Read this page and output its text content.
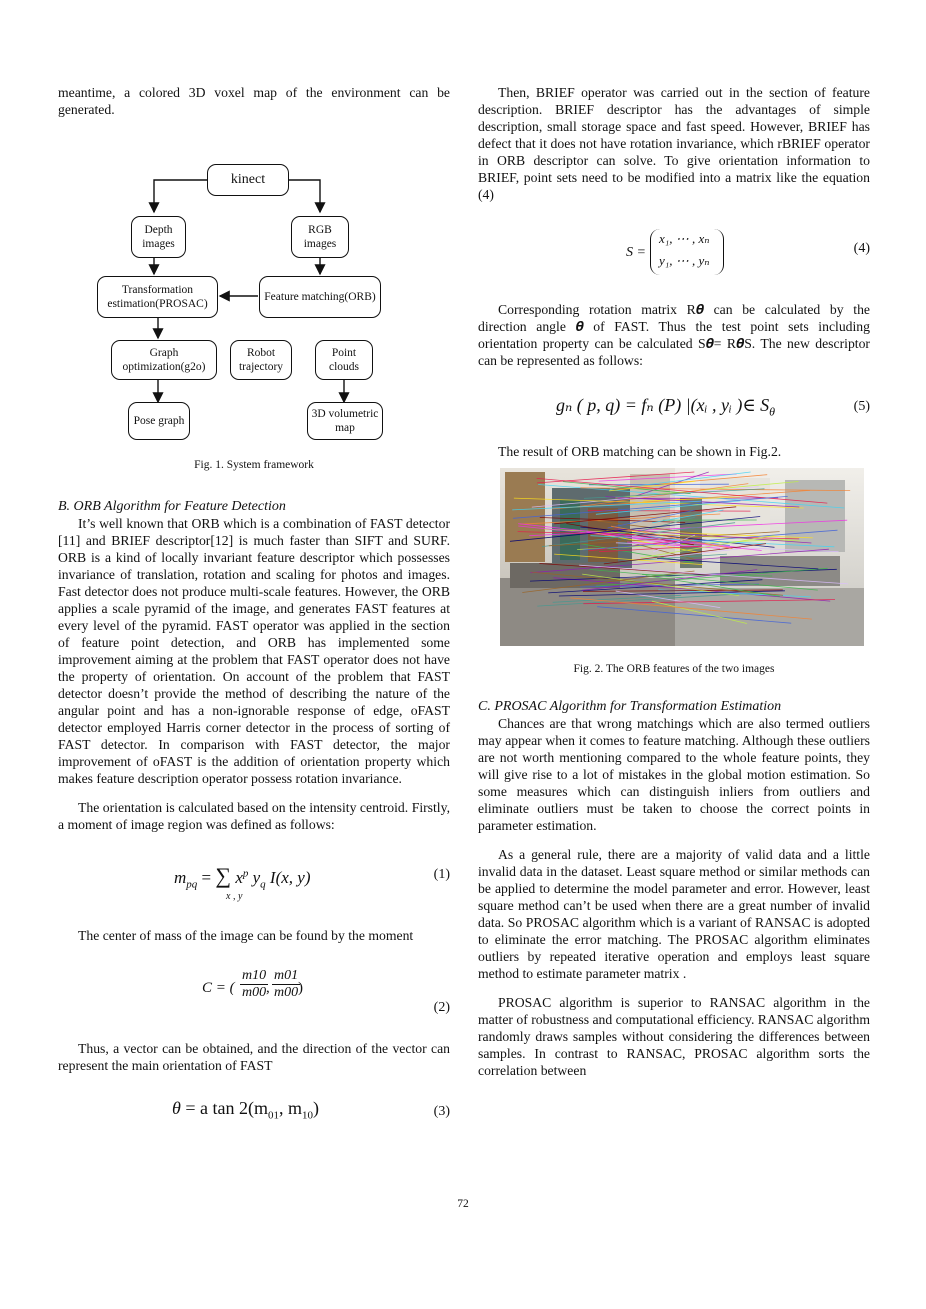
meantime, a colored 3D voxel map of the environment can be generated.

kinect
Depth
images
RGB
images
Transformation
estimation(PROSAC)
Feature matching(ORB)
Graph
optimization(g2o)
Robot
trajectory
Point
clouds
Pose graph
3D volumetric
map
Fig. 1. System framework
B. ORB Algorithm for Feature Detection

It’s well known that ORB which is a combination of FAST detector [11] and BRIEF descriptor[12] is much faster than SIFT and SURF. ORB is a kind of locally invariant feature descriptor which possesses invariance of translation, rotation and scaling for photos and images. Fast detector does not produce multi-scale features. However, the ORB applies a scale pyramid of the image, and generates FAST features at every level of the pyramid. FAST operator was applied in the section of feature point detection, and ORB has implemented some improvement aiming at the problem that FAST operator does not have the property of orientation. On account of the problem that FAST detector doesn’t provide the method of describing the nature of the angular point and has a non-ignorable response of edge, oFAST detector employed Harris corner detector in the process of sorting of FAST detector. In comparison with FAST detector, the major improvement of oFAST is the addition of orientation property which makes feature description operator possess rotation invariance.

The orientation is calculated based on the intensity centroid. Firstly, a moment of image region was defined as follows:

$m_{pq}$ = ∑ $x^p$ $y_q$ I(x, y)
x , y
(1)

The center of mass of the image can be found by the moment

C = ( $\frac{m10}{m00}$
, $\frac{m01}{m00}$
)
(2)

Thus, a vector can be obtained, and the direction of the vector can represent the main orientation of FAST

θ = a $\tan 2(m_{01}$, $m_{10}$)	(3)

Then, BRIEF operator was carried out in the section of feature description. BRIEF descriptor has the advantages of simple description, small storage space and fast speed. However, BRIEF has defect that it does not have rotation invariance, which rBRIEF operator in ORB descriptor can solve. To give orientation information to BRIEF, point sets need to be modified into a matrix like the equation (4)

S =
x₁, ⋯ , xₙ
y₁, ⋯ , yₙ
(4)

Corresponding rotation matrix R𝜽 can be calculated by the direction angle 𝜽 of FAST. Thus the test point sets including orientation property can be calculated S𝜽= R𝜽S. The new descriptor can be represented as follows:

gₙ ( p, q) = fₙ (P) |(xᵢ , yᵢ )∈ $S_\theta$	(5)

The result of ORB matching can be shown in Fig.2.

Fig. 2. The ORB features of the two images
C. PROSAC Algorithm for Transformation Estimation

Chances are that wrong matchings which are also termed outliers may appear when it comes to feature matching. Although these outliers are not worth mentioning compared to the whole feature points, they will give rise to a lot of mistakes in the global motion estimation. So some measures which can distinguish inliers from outliers and eliminate outliers must be taken to choose the correct points in parameter estimation.

As a general rule, there are a majority of valid data and a little invalid data in the dataset. Least square method or similar methods can be applied to determine the model parameter and error. However, least square method can’t be used when there are a great number of invalid data. So PROSAC algorithm which is a variant of RANSAC is adopted to eliminate the error matching. The PROSAC algorithm eliminates outliers by repeated iterative operation and employs least square method to estimate parameter matrix .

PROSAC algorithm is superior to RANSAC algorithm in the matter of robustness and computational efficiency. RANSAC algorithm randomly draws samples without considering the differences between samples. In contrast to RANSAC, PROSAC algorithm sorts the correlation between

72
